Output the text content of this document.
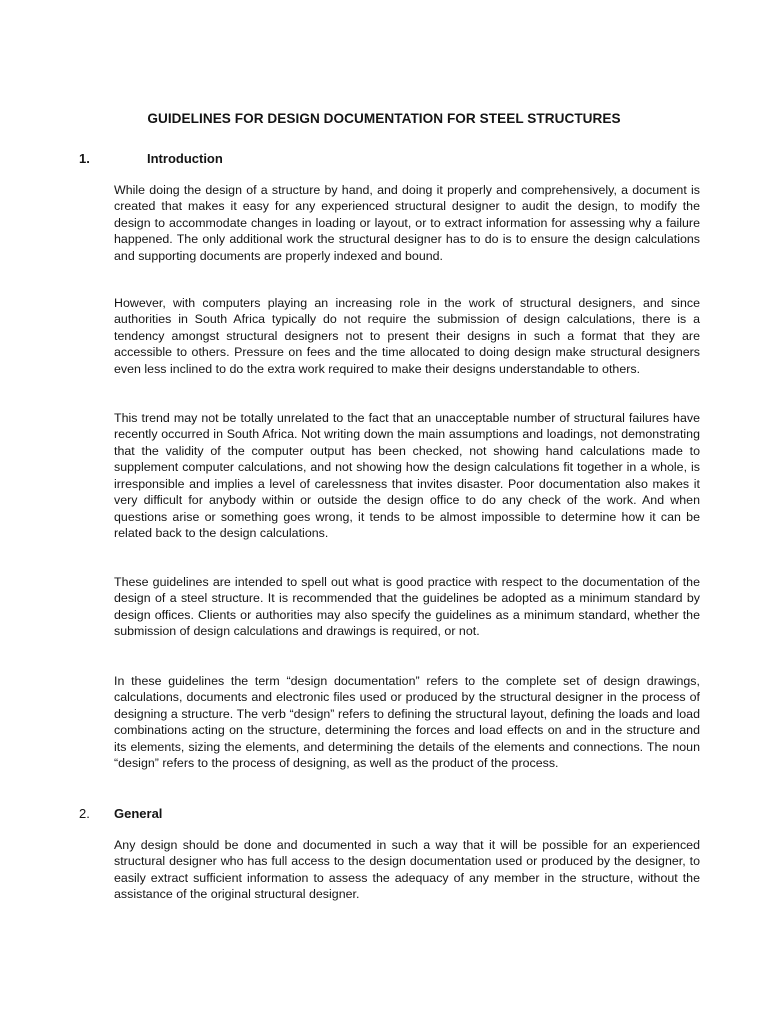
GUIDELINES FOR DESIGN DOCUMENTATION FOR STEEL STRUCTURES
1.	Introduction

While doing the design of a structure by hand, and doing it properly and comprehensively, a document is created that makes it easy for any experienced structural designer to audit the design, to modify the design to accommodate changes in loading or layout, or to extract information for assessing why a failure happened. The only additional work the structural designer has to do is to ensure the design calculations and supporting documents are properly indexed and bound.

However, with computers playing an increasing role in the work of structural designers, and since authorities in South Africa typically do not require the submission of design calculations, there is a tendency amongst structural designers not to present their designs in such a format that they are accessible to others. Pressure on fees and the time allocated to doing design make structural designers even less inclined to do the extra work required to make their designs understandable to others.

This trend may not be totally unrelated to the fact that an unacceptable number of structural failures have recently occurred in South Africa. Not writing down the main assumptions and loadings, not demonstrating that the validity of the computer output has been checked, not showing hand calculations made to supplement computer calculations, and not showing how the design calculations fit together in a whole, is irresponsible and implies a level of carelessness that invites disaster. Poor documentation also makes it very difficult for anybody within or outside the design office to do any check of the work. And when questions arise or something goes wrong, it tends to be almost impossible to determine how it can be related back to the design calculations.

These guidelines are intended to spell out what is good practice with respect to the documentation of the design of a steel structure. It is recommended that the guidelines be adopted as a minimum standard by design offices. Clients or authorities may also specify the guidelines as a minimum standard, whether the submission of design calculations and drawings is required, or not.

In these guidelines the term “design documentation” refers to the complete set of design drawings, calculations, documents and electronic files used or produced by the structural designer in the process of designing a structure. The verb “design” refers to defining the structural layout, defining the loads and load combinations acting on the structure, determining the forces and load effects on and in the structure and its elements, sizing the elements, and determining the details of the elements and connections. The noun “design” refers to the process of designing, as well as the product of the process.

2. General

Any design should be done and documented in such a way that it will be possible for an experienced structural designer who has full access to the design documentation used or produced by the designer, to easily extract sufficient information to assess the adequacy of any member in the structure, without the assistance of the original structural designer.
